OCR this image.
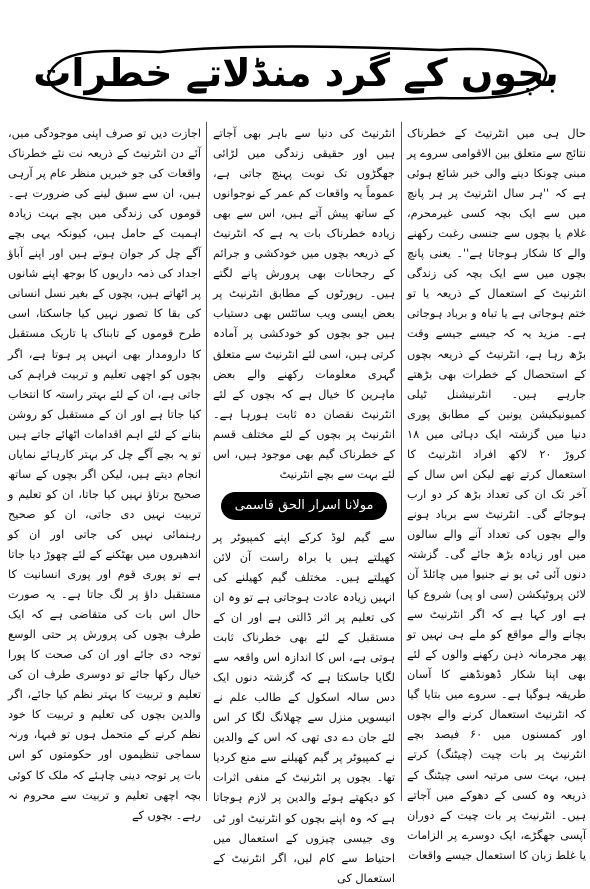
بچوں کے گرد منڈلاتے خطرات

حال ہی میں انٹرنیٹ کے خطرناک نتائج سے متعلق بین الاقوامی سروے پر مبنی چونکا دینے والی خبر شائع ہوئی ہے کہ ''ہر سال انٹرنیٹ پر ہر پانچ میں سے ایک بچہ کسی غیرمحرم، غلام یا بچوں سے جنسی رغبت رکھنے والے کا شکار ہوجاتا ہے''۔ یعنی پانچ بچوں میں سے ایک بچہ کی زندگی انٹرنیٹ کے استعمال کے ذریعہ یا تو ختم ہوجاتی ہے یا تباہ و برباد ہوجاتی ہے۔ مزید یہ کہ جیسے جیسے وقت بڑھ رہا ہے، انٹرنیٹ کے ذریعہ بچوں کے استحصال کے خطرات بھی بڑھتے جارہے ہیں۔ انٹرنیشنل ٹیلی کمیونیکیشن یونین کے مطابق پوری دنیا میں گزشتہ ایک دہائی میں ۱۸ کروڑ ۲۰ لاکھ افراد انٹرنیٹ کا استعمال کرتے تھے لیکن اس سال کے آخر تک ان کی تعداد بڑھ کر دو ارب ہوجائے گی۔ انٹرنیٹ سے برباد ہونے والے بچوں کی تعداد آنے والے سالوں میں اور زیادہ بڑھ جائے گی۔ گزشتہ دنوں آئی ٹی یو نے جنیوا میں چائلڈ آن لائن پروٹیکشن (سی او پی) شروع کیا ہے اور کہا ہے کہ اگر انٹرنیٹ سے بچانے والے مواقع کو ملے ہی نہیں تو پھر مجرمانہ ذہن رکھنے والوں کے لئے بھی اپنا شکار ڈھونڈھنے کا آسان طریقہ ہوگیا ہے۔ سروے میں بتایا گیا کہ انٹرنیٹ استعمال کرنے والے بچوں اور کمسنوں میں ۶۰ فیصد بچے انٹرنیٹ پر بات چیت (چیٹنگ) کرتے ہیں، بہت سی مرتبہ اسی چیٹنگ کے ذریعہ وہ کسی کے دھوکے میں آجاتے ہیں۔ انٹرنیٹ پر بات چیت کے دوران آپسی جھگڑے، ایک دوسرے پر الزامات یا غلط زبان کا استعمال جیسے واقعات

انٹرنیٹ کی دنیا سے باہر بھی آجاتے ہیں اور حقیقی زندگی میں لڑائی جھگڑوں تک نوبت پہنچ جاتی ہے، عموماً یہ واقعات کم عمر کے نوجوانوں کے ساتھ پیش آتے ہیں، اس سے بھی زیادہ خطرناک بات یہ ہے کہ انٹرنیٹ کے ذریعہ بچوں میں خودکشی و جرائم کے رجحانات بھی پرورش پانے لگتے ہیں۔ رپورٹوں کے مطابق انٹرنیٹ پر بعض ایسی ویب سائٹس بھی دستیاب ہیں جو بچوں کو خودکشی پر آمادہ کرتی ہیں، اسی لئے انٹرنیٹ سے متعلق گہری معلومات رکھنے والے بعض ماہرین کا خیال ہے کہ بچوں کے لئے انٹرنیٹ نقصان دہ ثابت ہورہا ہے۔ انٹرنیٹ پر بچوں کے لئے مختلف قسم کے خطرناک گیم بھی موجود ہیں، اس لئے بہت سے بچے انٹرنیٹ

مولانا اسرار الحق قاسمی

سے گیم لوڈ کرکے اپنے کمپیوٹر پر کھیلتے ہیں یا براہ راست آن لائن کھیلتے ہیں۔ مختلف گیم کھیلنے کی انہیں زیادہ عادت ہوجاتی ہے تو وہ ان کی تعلیم پر اثر ڈالتی ہے اور ان کے مستقبل کے لئے بھی خطرناک ثابت ہوتی ہے، اس کا اندازہ اس واقعہ سے لگایا جاسکتا ہے کہ گزشتہ دنوں ایک دس سالہ اسکول کے طالب علم نے انیسویں منزل سے چھلانگ لگا کر اس لئے جان دے دی تھی کہ اس کے والدین نے کمپیوٹر پر گیم کھیلنے سے منع کردیا تھا۔ بچوں پر انٹرنیٹ کے منفی اثرات کو دیکھتے ہوئے والدین پر لازم ہوجاتا ہے کہ وہ اپنے بچوں کو انٹرنیٹ اور ٹی وی جیسی چیزوں کے استعمال میں احتیاط سے کام لیں، اگر انٹرنیٹ کے استعمال کی

اجازت دیں تو صرف اپنی موجودگی میں، آئے دن انٹرنیٹ کے ذریعہ نت نئے خطرناک واقعات کی جو خبریں منظر عام پر آرہی ہیں، ان سے سبق لینے کی ضرورت ہے۔ قوموں کی زندگی میں بچے بہت زیادہ اہمیت کے حامل ہیں، کیونکہ یہی بچے آگے چل کر جوان ہوتے ہیں اور اپنے آباؤ اجداد کی ذمہ داریوں کا بوجھ اپنے شانوں پر اٹھاتے ہیں، بچوں کے بغیر نسل انسانی کی بقا کا تصور نہیں کیا جاسکتا، اسی طرح قوموں کے تابناک یا تاریک مستقبل کا دارومدار بھی انہیں پر ہوتا ہے، اگر بچوں کو اچھی تعلیم و تربیت فراہم کی جاتی ہے، ان کے لئے بہتر راستہ کا انتخاب کیا جاتا ہے اور ان کے مستقبل کو روشن بنانے کے لئے اہم اقدامات اٹھائے جاتے ہیں تو یہ بچے آگے چل کر بہتر کارہائے نمایاں انجام دیتے ہیں، لیکن اگر بچوں کے ساتھ صحیح برتاؤ نہیں کیا جاتا، ان کو تعلیم و تربیت نہیں دی جاتی، ان کو صحیح رہنمائی نہیں کی جاتی اور ان کو اندھیروں میں بھٹکنے کے لئے چھوڑ دیا جاتا ہے تو پوری قوم اور پوری انسانیت کا مستقبل داؤ پر لگ جاتا ہے۔ یہ صورت حال اس بات کی متقاضی ہے کہ ایک طرف بچوں کی پرورش پر حتی الوسع توجہ دی جائے اور ان کی صحت کا پورا خیال رکھا جائے تو دوسری طرف ان کی تعلیم و تربیت کا بہتر نظم کیا جائے، اگر والدین بچوں کی تعلیم و تربیت کا خود نظم کرنے کے متحمل ہوں تو فبہا، ورنہ سماجی تنظیموں اور حکومتوں کو اس بات پر توجہ دینی چاہئے کہ ملک کا کوئی بچہ اچھی تعلیم و تربیت سے محروم نہ رہے۔ بچوں کے
